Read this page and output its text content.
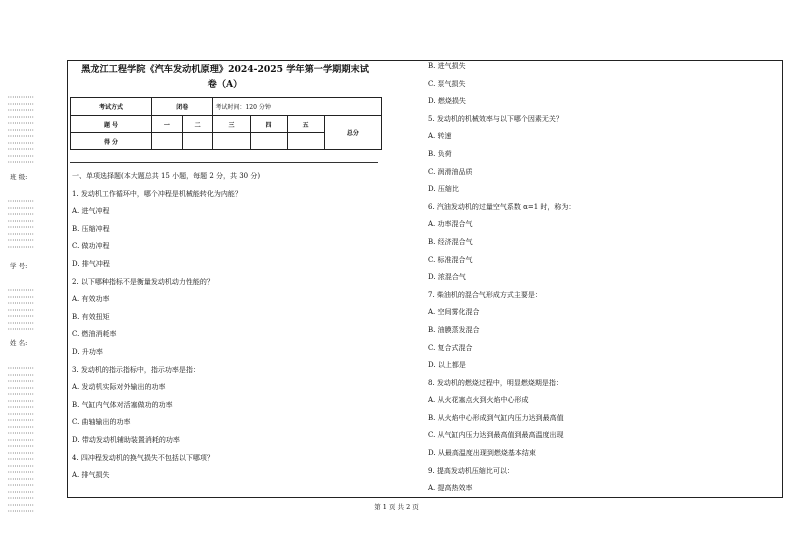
::::::::::::
::::::::::::
::::::::::::
::::::::::::
::::::::::::
::::::::::::
::::::::::::
::::::::::::
::::::::::::
::::::::::::
::::::::::::
班 级:
::::::::::::
::::::::::::
::::::::::::
::::::::::::
::::::::::::
::::::::::::
::::::::::::
::::::::::::
学 号:
::::::::::::
::::::::::::
::::::::::::
::::::::::::
::::::::::::
::::::::::::
::::::::::::
姓 名:
::::::::::::
::::::::::::
::::::::::::
::::::::::::
::::::::::::
::::::::::::
::::::::::::
::::::::::::
::::::::::::
::::::::::::
::::::::::::
::::::::::::
::::::::::::
::::::::::::
::::::::::::
::::::::::::
::::::::::::
::::::::::::
::::::::::::
::::::::::::
::::::::::::
::::::::::::
::::::::::::
黑龙江工程学院《汽车发动机原理》2024-2025 学年第一学期期末试
卷（A）
考试方式	闭卷		考试时间：120 分钟			
题 号	一	二	三	四	五	总分
得 分						
一、单项选择题(本大题总共 15 小题，每题 2 分，共 30 分)
1. 发动机工作循环中，哪个冲程是机械能转化为内能？
A. 进气冲程
B. 压缩冲程
C. 做功冲程
D. 排气冲程
2. 以下哪种指标不是衡量发动机动力性能的？
A. 有效功率
B. 有效扭矩
C. 燃油消耗率
D. 升功率
3. 发动机的指示指标中，指示功率是指：
A. 发动机实际对外输出的功率
B. 气缸内气体对活塞做功的功率
C. 曲轴输出的功率
D. 带动发动机辅助装置消耗的功率
4. 四冲程发动机的换气损失不包括以下哪项？
A. 排气损失
B. 进气损失
C. 泵气损失
D. 燃烧损失
5. 发动机的机械效率与以下哪个因素无关？
A. 转速
B. 负荷
C. 润滑油品质
D. 压缩比
6. 汽油发动机的过量空气系数 α=1 时，称为：
A. 功率混合气
B. 经济混合气
C. 标准混合气
D. 浓混合气
7. 柴油机的混合气形成方式主要是：
A. 空间雾化混合
B. 油膜蒸发混合
C. 复合式混合
D. 以上都是
8. 发动机的燃烧过程中，明显燃烧期是指：
A. 从火花塞点火到火焰中心形成
B. 从火焰中心形成到气缸内压力达到最高值
C. 从气缸内压力达到最高值到最高温度出现
D. 从最高温度出现到燃烧基本结束
9. 提高发动机压缩比可以：
A. 提高热效率
第 1 页 共 2 页
